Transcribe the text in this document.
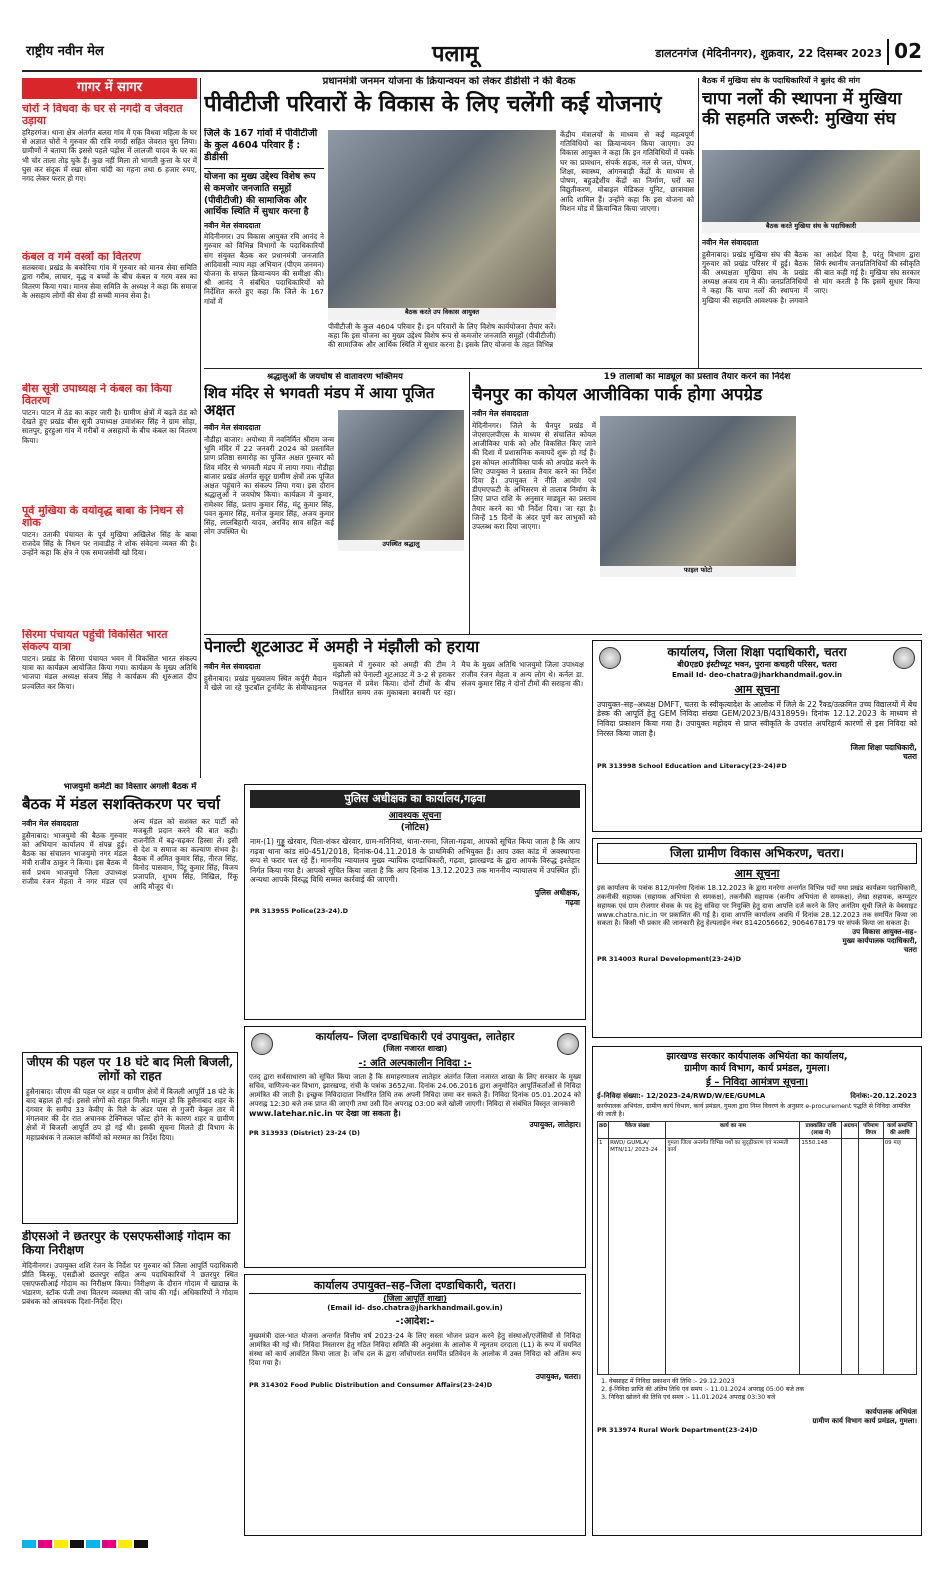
राष्ट्रीय नवीन मेल	पलामू	डालटनगंज (मेदिनीनगर), शुक्रवार, 22 दिसम्बर 2023 02
गागर में सागर
चोरों ने विधवा के घर से नगदी व जेवरात उड़ाया

हरिहरगंज। थाना क्षेत्र अंतर्गत बलरा गांव में एक विधवा महिला के घर से अज्ञात चोरों ने गुरुवार की रात्रि नगदी सहित जेवरात चुरा लिया। ग्रामीणों ने बताया कि इससे पहले पड़ोस में लालजी यादव के घर का भी चोर ताला तोड़ चुके हैं। कुछ नहीं मिला तो भागती कुत्ता के घर में घुस कर संदूक में रखा सोना चांदी का गहना तथा 6 हजार रुपए, नगद लेकर फरार हो गए।

कंबल व गर्म वस्त्रों का वितरण

सतबरवा। प्रखंड के बकोरिया गांव में गुरुवार को मानव सेवा समिति द्वारा गरीब, लाचार, वृद्ध व बच्चों के बीच कंबल व गरम वस्त्र का वितरण किया गया। मानव सेवा समिति के अध्यक्ष ने कहा कि समाज के असहाय लोगों की सेवा ही सच्ची मानव सेवा है।

बीस सूत्री उपाध्यक्ष ने कंबल का किया वितरण

पाटन। पाटन में ठंड का कहर जारी है। ग्रामीण क्षेत्रों में बढ़ते ठंड को देखते हुए प्रखंड बीस सूत्री उपाध्यक्ष उमाशंकर सिंह ने ग्राम सोहा, सातपुर, हुरहुआ गांव में गरीबों व असहायों के बीच कंबल का वितरण किया।

पूर्व मुखिया के वयोवृद्ध बाबा के निधन से शोक

पाटन। उताकी पंचायत के पूर्व मुखिया अखिलेश सिंह के बाबा राजदेव सिंह के निधन पर नावाडीह ने शोक संवेदना व्यक्त की है। उन्होंने कहा कि क्षेत्र ने एक समाजसेवी खो दिया।

सिरमा पंचायत पहुंची विकसित भारत संकल्प यात्रा

पाटन। प्रखंड के सिरमा पंचायत भवन में विकसित भारत संकल्प यात्रा का कार्यक्रम आयोजित किया गया। कार्यक्रम के मुख्य अतिथि भाजपा मंडल अध्यक्ष संजय सिंह ने कार्यक्रम की शुरुआत दीप प्रज्वलित कर किया।

प्रधानमंत्री जनमन योजना के क्रियान्वयन को लेकर डीडीसी ने की बैठक
पीवीटीजी परिवारों के विकास के लिए चलेंगी कई योजनाएं
जिले के 167 गांवों में पीवीटीजी के कुल 4604 परिवार हैं : डीडीसी
योजना का मुख्य उद्देश्य विशेष रूप से कमजोर जनजाति समूहों (पीवीटीजी) की सामाजिक और आर्थिक स्थिति में सुधार करना है
नवीन मेल संवाददाता

मेदिनीनगर। उप विकास आयुक्त रवि आनंद ने गुरुवार को विभिन्न विभागों के पदाधिकारियों संग संयुक्त बैठक कर प्रधानमंत्री जनजाति आदिवासी न्याय महा अभियान (पीएम जनमन) योजना के सफल क्रियान्वयन की समीक्षा की। श्री आनंद ने संबंधित पदाधिकारियों को निर्देशित करते हुए कहा कि जिले के 167 गांवों में

बैठक करते उप विकास आयुक्त

पीवीटीजी के कुल 4604 परिवार हैं। इन परिवारों के लिए विशेष कार्ययोजना तैयार करें। कहा कि इस योजना का मुख्य उद्देश्य विशेष रूप से कमजोर जनजाति समूहों (पीवीटीजी) की सामाजिक और आर्थिक स्थिति में सुधार करना है। इसके लिए योजना के तहत विभिन्न

केंद्रीय मंत्रालयों के माध्यम से कई महत्वपूर्ण गतिविधियों का क्रियान्वयन किया जाएगा। उप विकास आयुक्त ने कहा कि इन गतिविधियों में पक्के घर का प्रावधान, संपर्क सड़क, नल से जल, पोषण, शिक्षा, स्वास्थ्य, आंगनबाड़ी केंद्रों के माध्यम से पोषण, बहुउद्देशीय केंद्रों का निर्माण, घरों का विद्युतीकरण, मोबाइल मेडिकल यूनिट, छात्रावास आदि शामिल हैं। उन्होंने कहा कि इस योजना को मिशन मोड में क्रियान्वित किया जाएगा।

बैठक में मुखिया संघ के पदाधिकारियों ने बुलंद की मांग
चापा नलों की स्थापना में मुखिया की सहमति जरूरी: मुखिया संघ
बैठक करते मुखिया संघ के पदाधिकारी
नवीन मेल संवाददाता

हुसैनाबाद। प्रखंड मुखिया संघ की बैठक गुरुवार को प्रखंड परिसर में हुई। बैठक की अध्यक्षता मुखिया संघ के प्रखंड अध्यक्ष अजय राम ने की। जनप्रतिनिधियों ने कहा कि चापा नलों की स्थापना में मुखिया की सहमति आवश्यक है। लगवाने का आदेश दिया है, परंतु विभाग द्वारा सिर्फ स्थानीय जनप्रतिनिधियों की स्वीकृति की बात कही गई है। मुखिया संघ सरकार से मांग करती है कि इसमें सुधार किया जाए।

श्रद्धालुओं के जयघोष से वातावरण भक्तिमय
शिव मंदिर से भगवती मंडप में आया पूजित अक्षत
नवीन मेल संवाददाता

नौडीहा बाजार। अयोध्या में नवनिर्मित श्रीराम जन्म भूमि मंदिर में 22 जनवरी 2024 को प्रस्तावित प्राण प्रतिष्ठा समारोह का पूजित अक्षत गुरुवार को शिव मंदिर से भगवती मंडप में लाया गया। नौडीहा बाजार प्रखंड अंतर्गत सुदूर ग्रामीण क्षेत्रों तक पूजित अक्षत पहुंचाने का संकल्प लिया गया। इस दौरान श्रद्धालुओं ने जयघोष किया। कार्यक्रम में कुमार, रामेश्वर सिंह, प्रताप कुमार सिंह, मंटू कुमार सिंह, पवन कुमार सिंह, मनोज कुमार सिंह, अजय कुमार सिंह, लालबिहारी यादव, अरविंद साव सहित कई लोग उपस्थित थे।

उपस्थित श्रद्धालु
19 तालाबों का माड्यूल का प्रस्ताव तैयार करने का निर्देश
चैनपुर का कोयल आजीविका पार्क होगा अपग्रेड
नवीन मेल संवाददाता

मेदिनीनगर। जिले के चैनपुर प्रखंड में जेएसएलपीएस के माध्यम से संचालित कोयल आजीविका पार्क को और विकसित किए जाने की दिशा में प्रशासनिक कवायदें शुरू हो गई हैं। इस कोयल आजीविका पार्क को अपग्रेड करने के लिए उपायुक्त ने प्रस्ताव तैयार करने का निर्देश दिया है। उपायुक्त ने नीति आयोग एवं डीएमएफटी के अभिसरण से तालाब निर्माण के लिए प्राप्त राशि के अनुसार माड्यूल का प्रस्ताव तैयार करने का भी निर्देश दिया। जा रहा है। जिन्हें 15 दिनों के अंदर पूर्ण कर लाभुकों को उपलब्ध करा दिया जाएगा।

फाइल फोटो
पेनाल्टी शूटआउट में अमही ने मंझौली को हराया
नवीन मेल संवाददाता

हुसैनाबाद। प्रखंड मुख्यालय स्थित कर्पूरी मैदान में खेले जा रहे फुटबॉल टूर्नामेंट के सेमीफाइनल मुकाबले में गुरुवार को अमही की टीम ने मंझौली को पेनाल्टी शूटआउट में 3-2 से हराकर फाइनल में प्रवेश किया। दोनों टीमों के बीच निर्धारित समय तक मुकाबला बराबरी पर रहा। मैच के मुख्य अतिथि भाजयुमो जिला उपाध्यक्ष राजीव रंजन मेहता व अन्य लोग थे। कर्नल डा. संजय कुमार सिंह ने दोनों टीमों की सराहना की।

कार्यालय, जिला शिक्षा पदाधिकारी, चतरा
बी0एड0 इंस्टीच्यूट भवन, पुराना कचहरी परिसर, चतरा
Email Id- deo-chatra@jharkhandmail.gov.in
आम सूचना

उपायुक्त–सह–अध्यक्ष DMFT, चतरा के स्वीकृत्यादेश के आलोक में जिले के 22 रैंक्ड/उत्क्रमित उच्च विद्यालयों में बेंच डेस्क की आपूर्ति हेतु GEM निविदा संख्या GEM/2023/B/4318959। दिनांक 12.12.2023 के माध्यम से निविदा प्रकाशन किया गया है। उपायुक्त महोदय से प्राप्त स्वीकृति के उपरांत अपरिहार्य कारणों से इस निविदा को निरस्त किया जाता है।

जिला शिक्षा पदाधिकारी,
चतरा
PR 313998 School Education and Literacy(23-24)#D
जिला ग्रामीण विकास अभिकरण, चतरा।
आम सूचना

इस कार्यालय के पत्रांक 812/मनरेगा दिनांक 18.12.2023 के द्वारा मनरेगा अन्तर्गत विभिन्न पदों यथा प्रखंड कार्यक्रम पदाधिकारी, तकनीकी सहायक (सहायक अभियंता से समकक्ष), तकनीकी सहायक (कनीय अभियंता से समकक्ष), लेखा सहायक, कम्प्यूटर सहायक एवं ग्राम रोजगार सेवक के पद हेतु संविदा पर नियुक्ति हेतु दावा आपत्ति दर्ज करने के लिए अनंतिम सूची जिले के वेबसाइट www.chatra.nic.in पर प्रकाशित की गई है। दावा आपत्ति कार्यालय अवधि में दिनांक 28.12.2023 तक समर्पित किया जा सकता है। किसी भी प्रकार की जानकारी हेतु हेल्पलाईन नंबर 8142056662, 9064678179 पर संपर्क किया जा सकता है।

उप विकास आयुक्त–सह–
मुख्य कार्यपालक पदाधिकारी,
चतरा
PR 314003 Rural Development(23-24)D
भाजयुमो कमेटी का विस्तार अगली बैठक में
बैठक में मंडल सशक्तिकरण पर चर्चा
नवीन मेल संवाददाता

हुसैनाबाद। भाजयुमो की बैठक गुरुवार को अभियान कार्यालय में संपन्न हुई। बैठक का संचालन भाजयुमो नगर मंडल मंत्री राजीव ठाकुर ने किया। इस बैठक में सर्व प्रथम भाजयुमो जिला उपाध्यक्ष राजीव रंजन मेहता ने नगर मंडल एवं अन्य मंडल को सशक्त कर पार्टी को मजबूती प्रदान करने की बात कही। राजनीति में बढ़-चढ़कर हिस्सा लें। इसी से देश व समाज का कल्याण संभव है। बैठक में अमित कुमार सिंह, नीरज सिंह, विनोद पासवान, पिंटू कुमार सिंह, विजय प्रजापति, शुभम सिंह, निखिल, रिंकू आदि मौजूद थे।

पुलिस अधीक्षक का कार्यालय,गढ़वा
आवश्यक सूचना
(नोटिस)

नाम-(1) गुड्डू खेरवार, पिता-शंकर खेरवार, ग्राम-मनिनियां, थाना-रमना, जिला-गढ़वा, आपको सूचित किया जाता है कि आप गढ़वा थाना कांड सं0-451/2018, दिनांक-04.11.2018 के प्राथमिकी अभियुक्त हैं। आप उक्त कांड में अवस्थापना रूप से फरार चल रहे हैं। माननीय न्यायालय मुख्य न्यायिक दण्डाधिकारी, गढ़वा, झारखण्ड के द्वारा आपके विरुद्ध इश्तेहार निर्गत किया गया है। आपको सूचित किया जाता है कि आप दिनांक 13.12.2023 तक माननीय न्यायालय में उपस्थित हों। अन्यथा आपके विरुद्ध विधि सम्मत कार्रवाई की जाएगी।

पुलिस अधीक्षक,
गढ़वा
PR 313955 Police(23-24).D
जीएम की पहल पर 18 घंटे बाद मिली बिजली, लोगों को राहत

हुसैनाबाद। जीएम की पहल पर शहर व ग्रामीण क्षेत्रों में बिजली आपूर्ति 18 घंटे के बाद बहाल हो गई। इससे लोगों को राहत मिली। मालूम हो कि हुसैनाबाद शहर के दंगवार के समीप 33 केवीए के रिले के अंडर पास से गुजरी केबुल तार में मंगलवार की देर रात अचानक टेक्निकल फॉल्ट होने के कारण शहर व ग्रामीण क्षेत्रों में बिजली आपूर्ति ठप हो गई थी। इसकी सूचना मिलते ही विभाग के महाप्रबंधक ने तत्काल कर्मियों को मरम्मत का निर्देश दिया।

कार्यालय– जिला दण्डाधिकारी एवं उपायुक्त, लातेहार
(जिला नजारत शाखा)
-: अति अल्पकालीन निविदा :-

एतद् द्वारा सर्वसाधारण को सूचित किया जाता है कि समाहरणालय लातेहार अंतर्गत जिला नजारत शाखा के लिए सरकार के मुख्य सचिव, वाणिज्य-कर विभाग, झारखण्ड, रांची के पत्रांक 3652/वा. दिनांक 24.06.2016 द्वारा अनुमोदित आपूर्तिकर्ताओं से निविदा आमंत्रित की जाती है। इच्छुक निविदादाता निर्धारित तिथि तक अपनी निविदा जमा कर सकते हैं। निविदा दिनांक 05.01.2024 को अपराह्न 12:30 बजे तक प्राप्त की जाएगी तथा उसी दिन अपराह्न 03:00 बजे खोली जाएगी। निविदा से संबंधित विस्तृत जानकारी

www.latehar.nic.in पर देखा जा सकता है।
उपायुक्त, लातेहार।
PR 313933 (District) 23-24 (D)
डीएसओ ने छतरपुर के एसएफसीआई गोदाम का किया निरीक्षण

मेदिनीनगर। उपायुक्त शशि रंजन के निर्देश पर गुरुवार को जिला आपूर्ति पदाधिकारी प्रीति किस्कू, एसडीओ छतरपुर सहित अन्य पदाधिकारियों ने छतरपुर स्थित एसएफसीआई गोदाम का निरीक्षण किया। निरीक्षण के दौरान गोदाम में खाद्यान्न के भंडारण, स्टॉक पंजी तथा वितरण व्यवस्था की जांच की गई। अधिकारियों ने गोदाम प्रबंधक को आवश्यक दिशा-निर्देश दिए।

कार्यालय उपायुक्त–सह–जिला दण्डाधिकारी, चतरा।
(जिला आपूर्ति शाखा)
(Email id- dso.chatra@jharkhandmail.gov.in)
-:आदेश:-

मुख्यमंत्री दाल-भात योजना अन्तर्गत वित्तीय वर्ष 2023-24 के लिए सस्ता भोजन प्रदान करने हेतु संस्थाओं/एजेंसियों से निविदा आमंत्रित की गई थी। निविदा निस्तारण हेतु गठित निविदा समिति की अनुशंसा के आलोक में न्यूनतम दरदाता (L1) के रूप में चयनित संस्था को कार्य आवंटित किया जाता है। जाँच दल के द्वारा जाँचोपरांत समर्पित प्रतिवेदन के आलोक में उक्त निविदा को अंतिम रूप दिया गया है।

उपायुक्त, चतरा।
PR 314302 Food Public Distribution and Consumer Affairs(23-24)D
झारखण्ड सरकार कार्यपालक अभियंता का कार्यालय,
ग्रामीण कार्य विभाग, कार्य प्रमंडल, गुमला।
ई – निविदा आमंत्रण सूचना।
ई–निविदा संख्या:- 12/2023-24/RWD/W/EE/GUMLA	दिनांक:-20.12.2023

कार्यपालक अभियंता, ग्रामीण कार्य विभाग, कार्य प्रमंडल, गुमला द्वारा निम्न विवरण के अनुसार e-procurement पद्धति से निविदा आमंत्रित की जाती है।

क्र0	पैकेज संख्या	कार्य का नाम	प्राक्कलित राशि (लाख में)	अग्रधन	परिमाण विपत्र	कार्य समाप्ति की अवधि
1	RWD/ GUMLA/ MTN/11/ 2023-24	गुमला जिला अन्तर्गत विभिन्न पथों का सुदृढ़ीकरण एवं मरम्मती कार्य	1550.148			09 माह
1. वेबसाइट में निविदा प्रकाशन की तिथि :- 29.12.2023
2. ई-निविदा प्राप्ति की अंतिम तिथि एवं समय :- 11.01.2024 अपराह्न 05:00 बजे तक
3. निविदा खोलने की तिथि एवं समय :- 11.01.2024 अपराह्न 03:30 बजे
कार्यपालक अभियंता
ग्रामीण कार्य विभाग कार्य प्रमंडल, गुमला।
PR 313974 Rural Work Department(23-24)D
